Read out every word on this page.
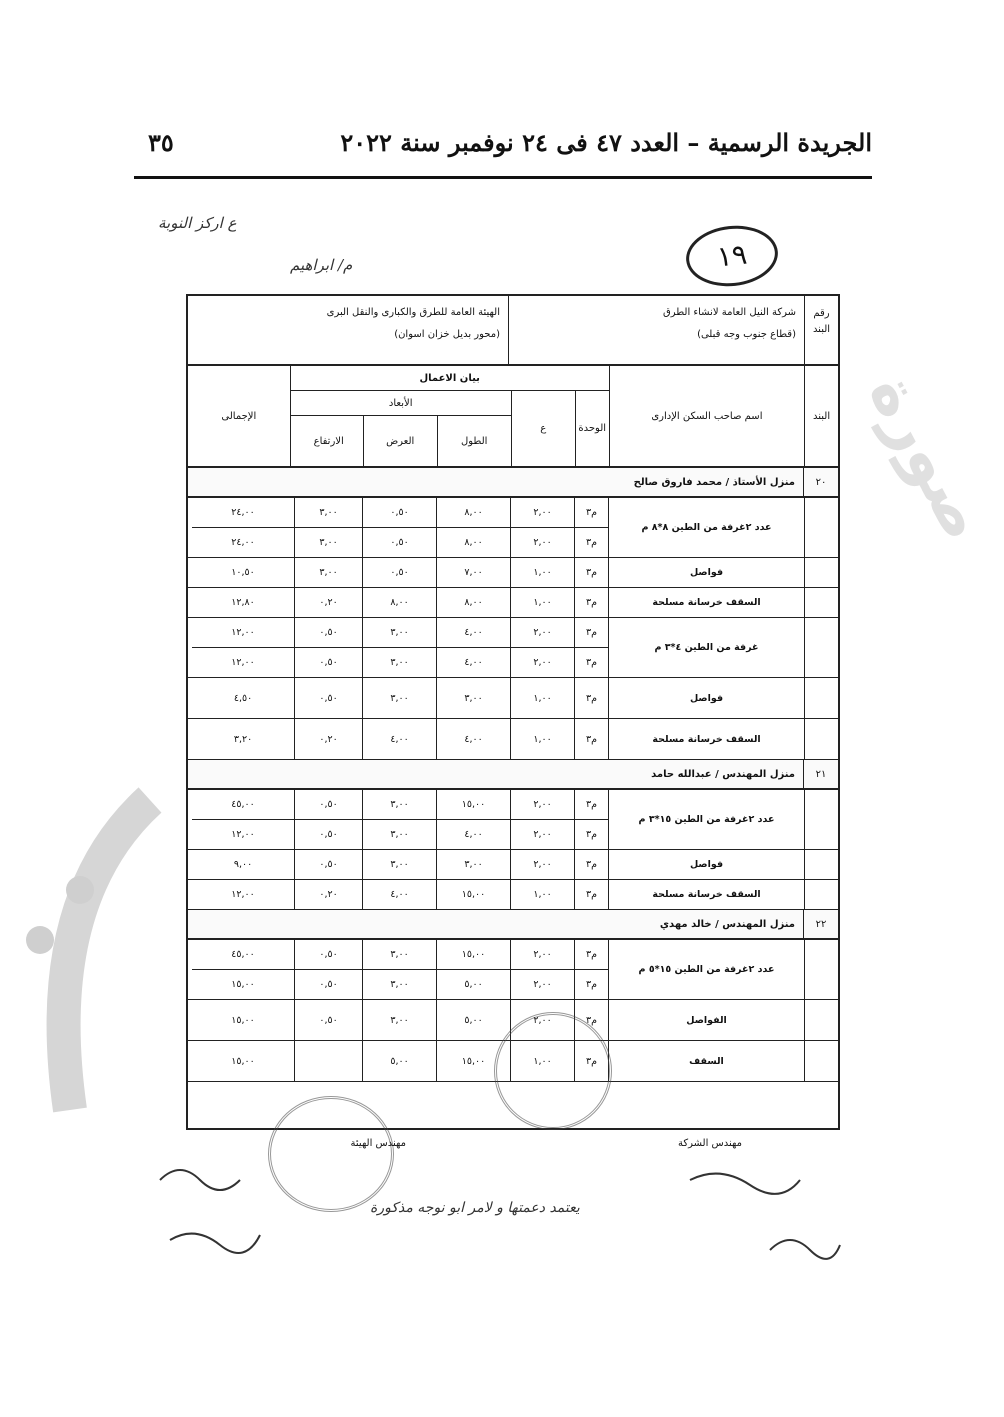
الجريدة الرسمية – العدد ٤٧ فى ٢٤ نوفمبر سنة ٢٠٢٢
٣٥
ع اركز النوبة
م/ ابراهيم	١٩
صورة
رقم البند
شركة النيل العامة لانشاء الطرق
(قطاع جنوب وجه قبلى)
الهيئة العامة للطرق والكبارى والنقل البرى
(محور بديل خزان اسوان)
البند
اسم صاحب السكن الإدارى
بيان الاعمال
الوحدة
ع
الأبعاد
الطول
العرض
الارتفاع
الإجمالى
٢٠
منزل الأستاذ / محمد فاروق صالح
عدد ٢غرفة من الطين ٨*٨ م
م٣
٢,٠٠
٨,٠٠
٠,٥٠
٣,٠٠
٢٤,٠٠
م٣
٢,٠٠
٨,٠٠
٠,٥٠
٣,٠٠
٢٤,٠٠
فواصل
م٣
١,٠٠
٧,٠٠
٠,٥٠
٣,٠٠
١٠,٥٠
السقف خرسانة مسلحة
م٣
١,٠٠
٨,٠٠
٨,٠٠
٠,٢٠
١٢,٨٠
غرفة من الطين ٤*٣ م
م٣
٢,٠٠
٤,٠٠
٣,٠٠
٠,٥٠
١٢,٠٠
م٣
٢,٠٠
٤,٠٠
٣,٠٠
٠,٥٠
١٢,٠٠
فواصل
م٣
١,٠٠
٣,٠٠
٣,٠٠
٠,٥٠
٤,٥٠
السقف خرسانة مسلحة
م٣
١,٠٠
٤,٠٠
٤,٠٠
٠,٢٠
٣,٢٠
٢١
منزل المهندس / عبدالله حامد
عدد ٢غرفة من الطين ١٥*٣ م
م٣
٢,٠٠
١٥,٠٠
٣,٠٠
٠,٥٠
٤٥,٠٠
م٣
٢,٠٠
٤,٠٠
٣,٠٠
٠,٥٠
١٢,٠٠
فواصل
م٣
٢,٠٠
٣,٠٠
٣,٠٠
٠,٥٠
٩,٠٠
السقف خرسانة مسلحة
م٣
١,٠٠
١٥,٠٠
٤,٠٠
٠,٢٠
١٢,٠٠
٢٢
منزل المهندس / خالد مهدي
عدد ٢غرفة من الطين ١٥*٥ م
م٣
٢,٠٠
١٥,٠٠
٣,٠٠
٠,٥٠
٤٥,٠٠
م٣
٢,٠٠
٥,٠٠
٣,٠٠
٠,٥٠
١٥,٠٠
الفواصل
م٣
٢,٠٠
٥,٠٠
٣,٠٠
٠,٥٠
١٥,٠٠
السقف
م٣
١,٠٠
١٥,٠٠
٥,٠٠
١٥,٠٠
مهندس الشركة
مهندس الهيئة
يعتمد دعمتها و لامر ابو نوجه مذكورة
